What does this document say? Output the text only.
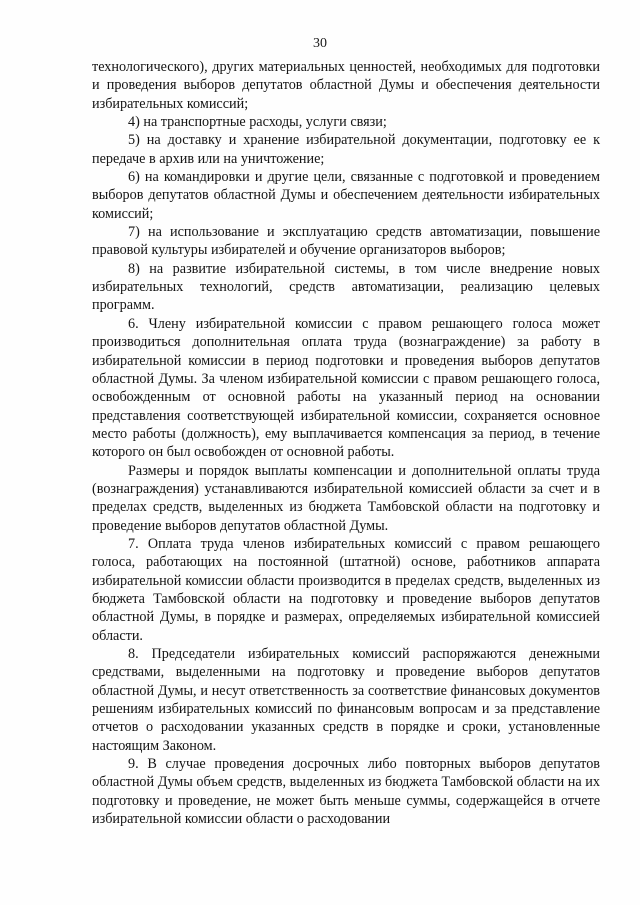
30

технологического), других материальных ценностей, необходимых для подготовки и проведения выборов депутатов областной Думы и обеспечения деятельности избирательных комиссий;

4) на транспортные расходы, услуги связи;

5) на доставку и хранение избирательной документации, подготовку ее к передаче в архив или на уничтожение;

6) на командировки и другие цели, связанные с подготовкой и проведением выборов депутатов областной Думы и обеспечением деятельности избирательных комиссий;

7) на использование и эксплуатацию средств автоматизации, повышение правовой культуры избирателей и обучение организаторов выборов;

8) на развитие избирательной системы, в том числе внедрение новых избирательных технологий, средств автоматизации, реализацию целевых программ.

6. Члену избирательной комиссии с правом решающего голоса может производиться дополнительная оплата труда (вознаграждение) за работу в избирательной комиссии в период подготовки и проведения выборов депутатов областной Думы. За членом избирательной комиссии с правом решающего голоса, освобожденным от основной работы на указанный период на основании представления соответствующей избирательной комиссии, сохраняется основное место работы (должность), ему выплачивается компенсация за период, в течение которого он был освобожден от основной работы.

Размеры и порядок выплаты компенсации и дополнительной оплаты труда (вознаграждения) устанавливаются избирательной комиссией области за счет и в пределах средств, выделенных из бюджета Тамбовской области на подготовку и проведение выборов депутатов областной Думы.

7. Оплата труда членов избирательных комиссий с правом решающего голоса, работающих на постоянной (штатной) основе, работников аппарата избирательной комиссии области производится в пределах средств, выделенных из бюджета Тамбовской области на подготовку и проведение выборов депутатов областной Думы, в порядке и размерах, определяемых избирательной комиссией области.

8. Председатели избирательных комиссий распоряжаются денежными средствами, выделенными на подготовку и проведение выборов депутатов областной Думы, и несут ответственность за соответствие финансовых документов решениям избирательных комиссий по финансовым вопросам и за представление отчетов о расходовании указанных средств в порядке и сроки, установленные настоящим Законом.

9. В случае проведения досрочных либо повторных выборов депутатов областной Думы объем средств, выделенных из бюджета Тамбовской области на их подготовку и проведение, не может быть меньше суммы, содержащейся в отчете избирательной комиссии области о расходовании
